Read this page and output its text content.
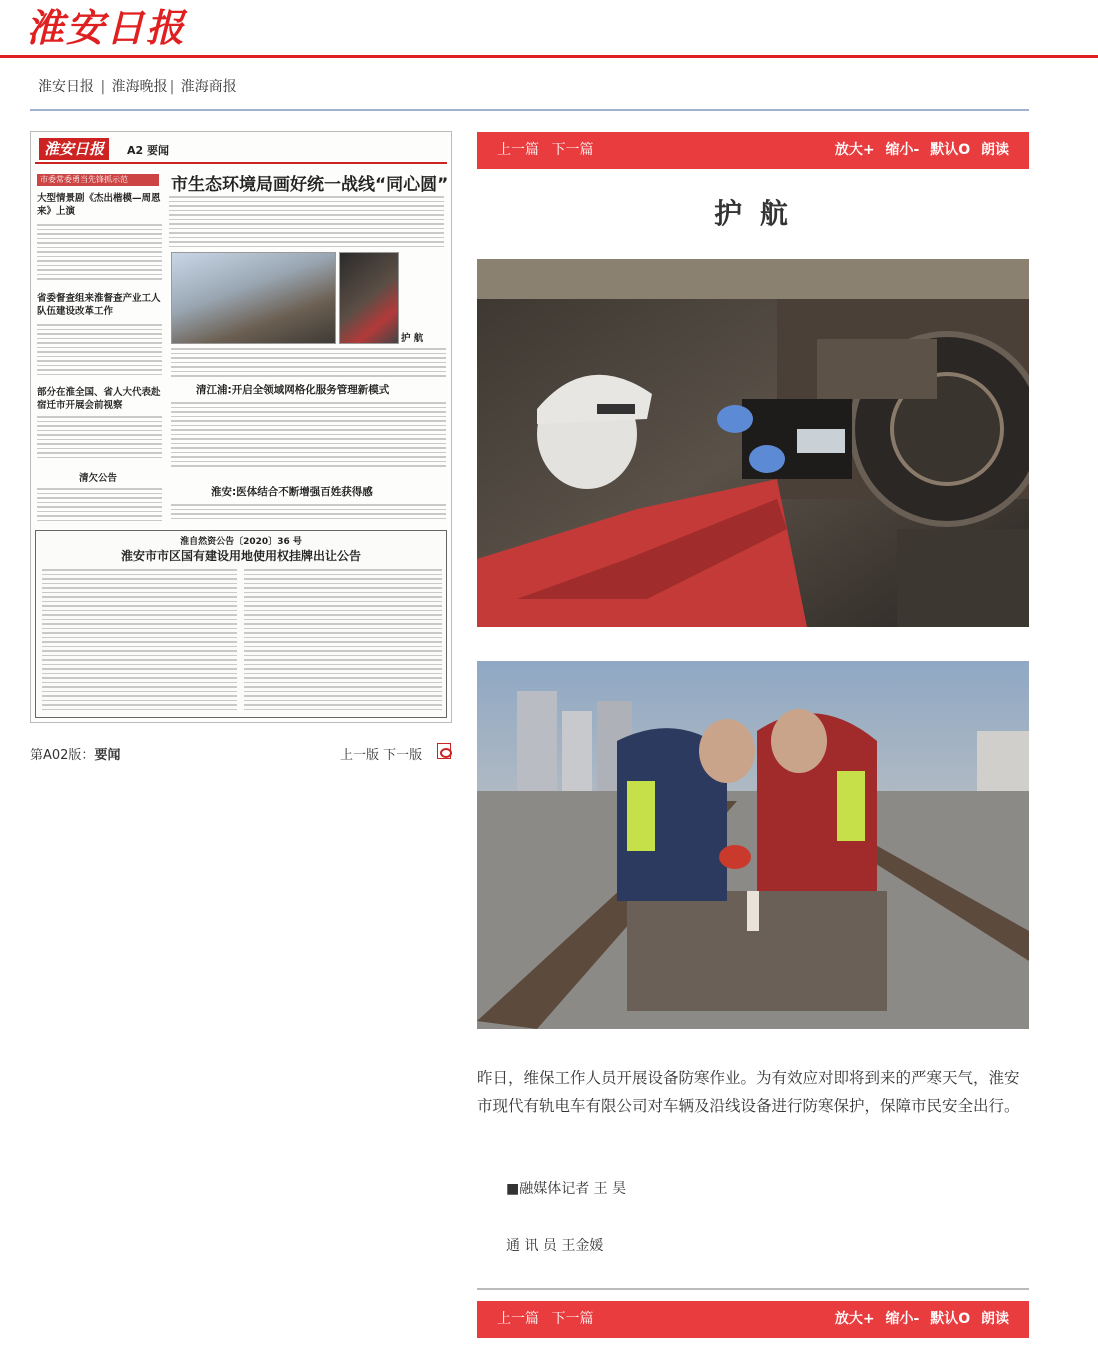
淮安日报
淮安日报 | 淮海晚报 | 淮海商报
淮安日报	A2 要闻
市委常委勇当先锋抓示范	市生态环境局画好统一战线“同心圆”
大型情景剧《杰出楷模—周恩来》上演
省委督查组来淮督查产业工人队伍建设改革工作
部分在淮全国、省人大代表赴宿迁市开展会前视察
清欠公告
护 航
清江浦:开启全领域网格化服务管理新模式
淮安:医体结合不断增强百姓获得感
淮自然资公告〔2020〕36 号
淮安市市区国有建设用地使用权挂牌出让公告
第A02版：要闻	上一版 下一版
上一篇 下一篇	放大+ 缩小- 默认O 朗读
护 航
昨日，维保工作人员开展设备防寒作业。为有效应对即将到来的严寒天气，淮安市现代有轨电车有限公司对车辆及沿线设备进行防寒保护，保障市民安全出行。
■融媒体记者 王 昊
通 讯 员 王金媛
上一篇 下一篇	放大+ 缩小- 默认O 朗读
